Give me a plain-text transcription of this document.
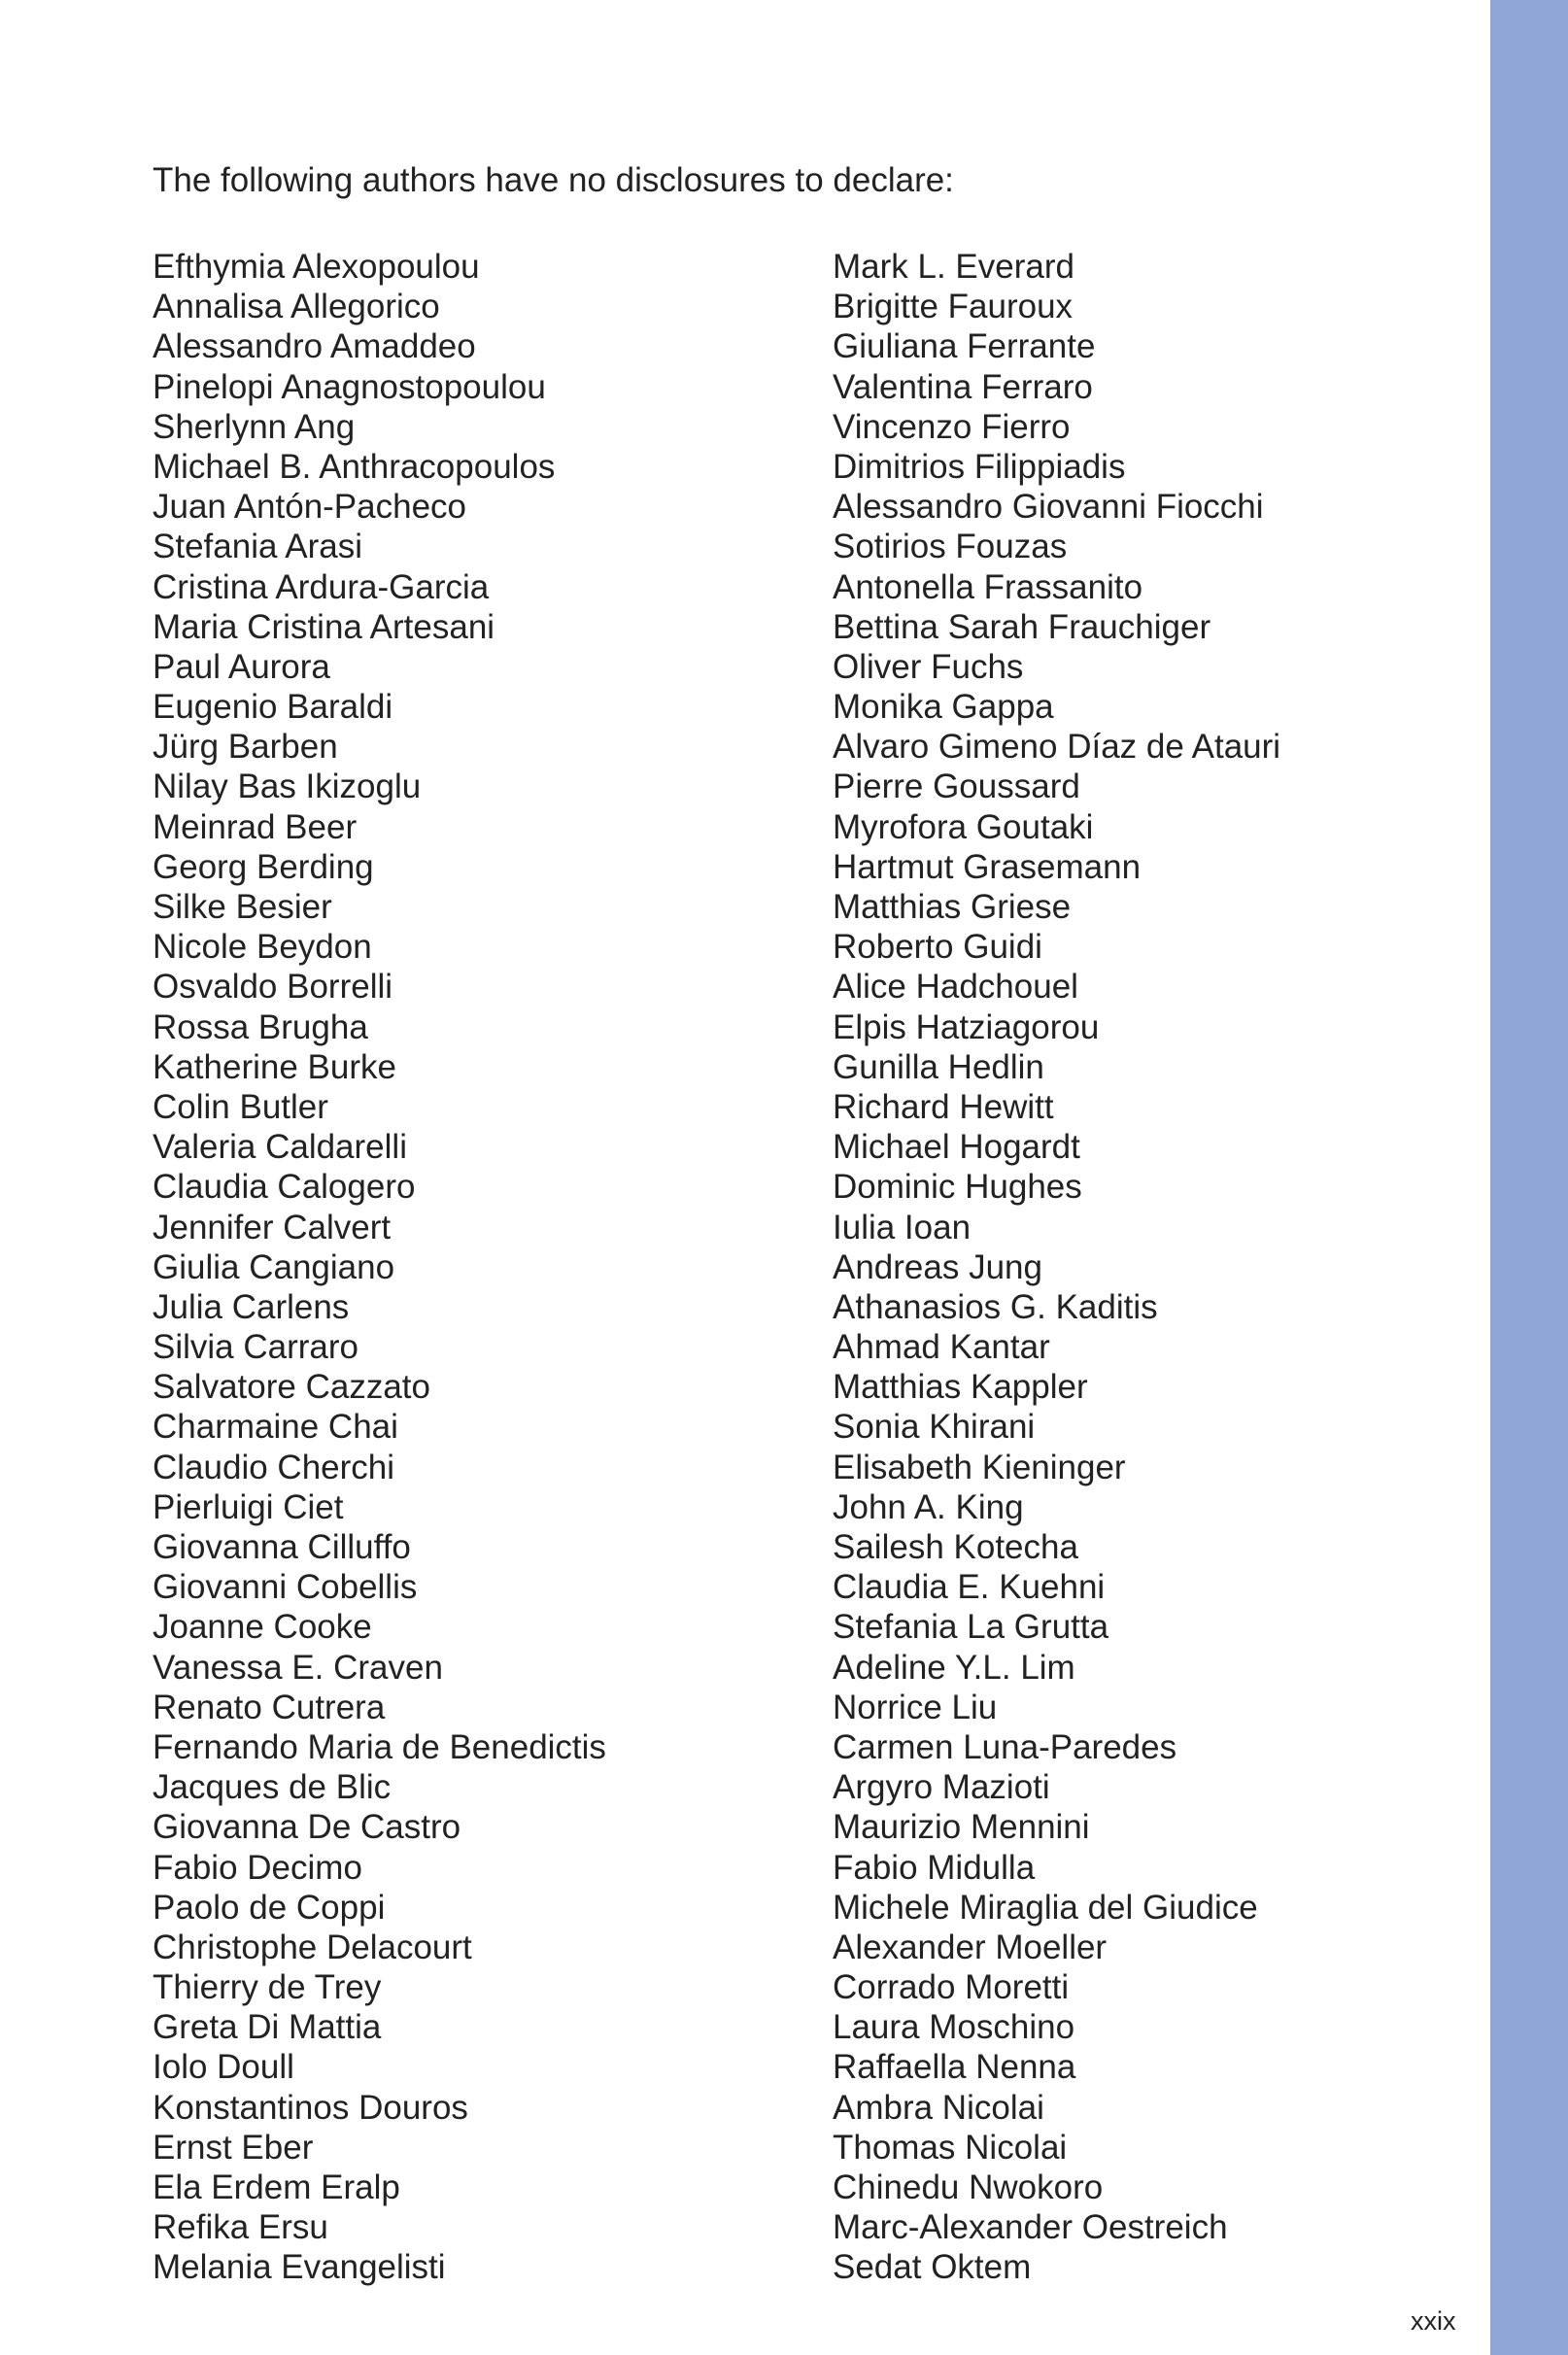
The following authors have no disclosures to declare:

Efthymia Alexopoulou
Annalisa Allegorico
Alessandro Amaddeo
Pinelopi Anagnostopoulou
Sherlynn Ang
Michael B. Anthracopoulos
Juan Antón-Pacheco
Stefania Arasi
Cristina Ardura-Garcia
Maria Cristina Artesani
Paul Aurora
Eugenio Baraldi
Jürg Barben
Nilay Bas Ikizoglu
Meinrad Beer
Georg Berding
Silke Besier
Nicole Beydon
Osvaldo Borrelli
Rossa Brugha
Katherine Burke
Colin Butler
Valeria Caldarelli
Claudia Calogero
Jennifer Calvert
Giulia Cangiano
Julia Carlens
Silvia Carraro
Salvatore Cazzato
Charmaine Chai
Claudio Cherchi
Pierluigi Ciet
Giovanna Cilluffo
Giovanni Cobellis
Joanne Cooke
Vanessa E. Craven
Renato Cutrera
Fernando Maria de Benedictis
Jacques de Blic
Giovanna De Castro
Fabio Decimo
Paolo de Coppi
Christophe Delacourt
Thierry de Trey
Greta Di Mattia
Iolo Doull
Konstantinos Douros
Ernst Eber
Ela Erdem Eralp
Refika Ersu
Melania Evangelisti
Mark L. Everard
Brigitte Fauroux
Giuliana Ferrante
Valentina Ferraro
Vincenzo Fierro
Dimitrios Filippiadis
Alessandro Giovanni Fiocchi
Sotirios Fouzas
Antonella Frassanito
Bettina Sarah Frauchiger
Oliver Fuchs
Monika Gappa
Alvaro Gimeno Díaz de Atauri
Pierre Goussard
Myrofora Goutaki
Hartmut Grasemann
Matthias Griese
Roberto Guidi
Alice Hadchouel
Elpis Hatziagorou
Gunilla Hedlin
Richard Hewitt
Michael Hogardt
Dominic Hughes
Iulia Ioan
Andreas Jung
Athanasios G. Kaditis
Ahmad Kantar
Matthias Kappler
Sonia Khirani
Elisabeth Kieninger
John A. King
Sailesh Kotecha
Claudia E. Kuehni
Stefania La Grutta
Adeline Y.L. Lim
Norrice Liu
Carmen Luna-Paredes
Argyro Mazioti
Maurizio Mennini
Fabio Midulla
Michele Miraglia del Giudice
Alexander Moeller
Corrado Moretti
Laura Moschino
Raffaella Nenna
Ambra Nicolai
Thomas Nicolai
Chinedu Nwokoro
Marc-Alexander Oestreich
Sedat Oktem
xxix
